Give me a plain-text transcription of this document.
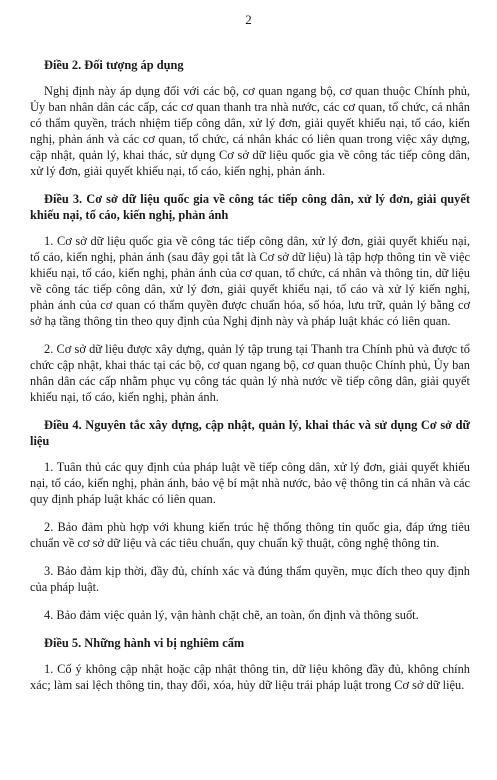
2

Điều 2. Đối tượng áp dụng

Nghị định này áp dụng đối với các bộ, cơ quan ngang bộ, cơ quan thuộc Chính phủ, Ủy ban nhân dân các cấp, các cơ quan thanh tra nhà nước, các cơ quan, tổ chức, cá nhân có thẩm quyền, trách nhiệm tiếp công dân, xử lý đơn, giải quyết khiếu nại, tố cáo, kiến nghị, phản ánh và các cơ quan, tổ chức, cá nhân khác có liên quan trong việc xây dựng, cập nhật, quản lý, khai thác, sử dụng Cơ sở dữ liệu quốc gia về công tác tiếp công dân, xử lý đơn, giải quyết khiếu nại, tố cáo, kiến nghị, phản ánh.

Điều 3. Cơ sở dữ liệu quốc gia về công tác tiếp công dân, xử lý đơn, giải quyết khiếu nại, tố cáo, kiến nghị, phản ánh

1. Cơ sở dữ liệu quốc gia về công tác tiếp công dân, xử lý đơn, giải quyết khiếu nại, tố cáo, kiến nghị, phản ánh (sau đây gọi tắt là Cơ sở dữ liệu) là tập hợp thông tin về việc khiếu nại, tố cáo, kiến nghị, phản ánh của cơ quan, tổ chức, cá nhân và thông tin, dữ liệu về công tác tiếp công dân, xử lý đơn, giải quyết khiếu nại, tố cáo và xử lý kiến nghị, phản ánh của cơ quan có thẩm quyền được chuẩn hóa, số hóa, lưu trữ, quản lý bằng cơ sở hạ tầng thông tin theo quy định của Nghị định này và pháp luật khác có liên quan.

2. Cơ sở dữ liệu được xây dựng, quản lý tập trung tại Thanh tra Chính phủ và được tổ chức cập nhật, khai thác tại các bộ, cơ quan ngang bộ, cơ quan thuộc Chính phủ, Ủy ban nhân dân các cấp nhằm phục vụ công tác quản lý nhà nước về tiếp công dân, giải quyết khiếu nại, tố cáo, kiến nghị, phản ánh.

Điều 4. Nguyên tắc xây dựng, cập nhật, quản lý, khai thác và sử dụng Cơ sở dữ liệu

1. Tuân thủ các quy định của pháp luật về tiếp công dân, xử lý đơn, giải quyết khiếu nại, tố cáo, kiến nghị, phản ánh, bảo vệ bí mật nhà nước, bảo vệ thông tin cá nhân và các quy định pháp luật khác có liên quan.

2. Bảo đảm phù hợp với khung kiến trúc hệ thống thông tin quốc gia, đáp ứng tiêu chuẩn về cơ sở dữ liệu và các tiêu chuẩn, quy chuẩn kỹ thuật, công nghệ thông tin.

3. Bảo đảm kịp thời, đầy đủ, chính xác và đúng thẩm quyền, mục đích theo quy định của pháp luật.

4. Bảo đảm việc quản lý, vận hành chặt chẽ, an toàn, ổn định và thông suốt.

Điều 5. Những hành vi bị nghiêm cấm

1. Cố ý không cập nhật hoặc cập nhật thông tin, dữ liệu không đầy đủ, không chính xác; làm sai lệch thông tin, thay đổi, xóa, hủy dữ liệu trái pháp luật trong Cơ sở dữ liệu.
